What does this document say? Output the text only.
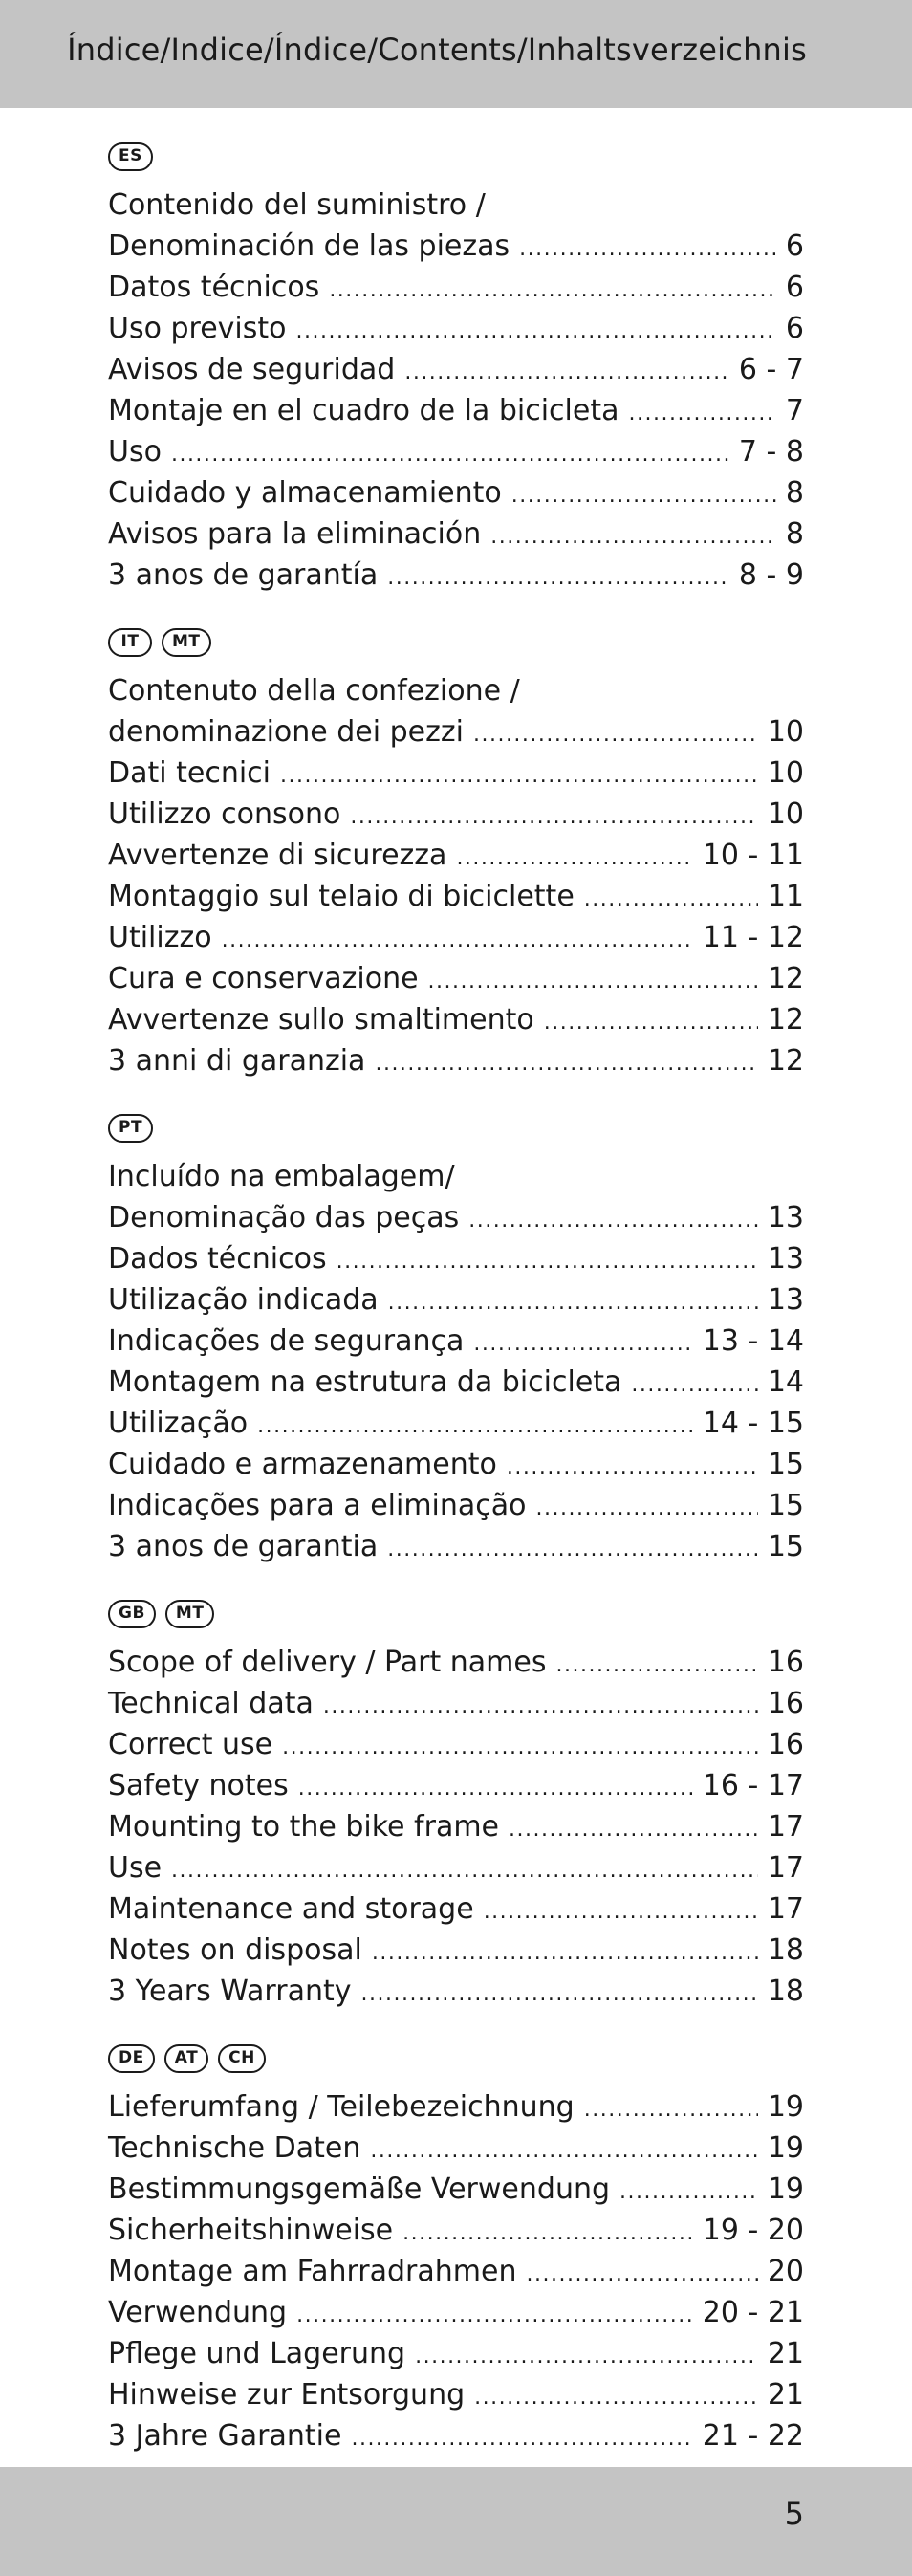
Índice/Indice/Índice/Contents/Inhaltsverzeichnis
ES
Contenido del suministro /
Denominación de las piezas .....	6
Datos técnicos .....	6
Uso previsto .....	6
Avisos de seguridad .....	6 - 7
Montaje en el cuadro de la bicicleta .....	7
Uso .....	7 - 8
Cuidado y almacenamiento .....	8
Avisos para la eliminación .....	8
3 anos de garantía .....	8 - 9
IT	MT
Contenuto della confezione /
denominazione dei pezzi .....	10
Dati tecnici .....	10
Utilizzo consono .....	10
Avvertenze di sicurezza .....	10 - 11
Montaggio sul telaio di biciclette .....	11
Utilizzo .....	11 - 12
Cura e conservazione .....	12
Avvertenze sullo smaltimento .....	12
3 anni di garanzia .....	12
PT
Incluído na embalagem/
Denominação das peças .....	13
Dados técnicos .....	13
Utilização indicada .....	13
Indicações de segurança .....	13 - 14
Montagem na estrutura da bicicleta .....	14
Utilização .....	14 - 15
Cuidado e armazenamento .....	15
Indicações para a eliminação .....	15
3 anos de garantia .....	15
GB	MT
Scope of delivery / Part names .....	16
Technical data .....	16
Correct use .....	16
Safety notes .....	16 - 17
Mounting to the bike frame .....	17
Use .....	17
Maintenance and storage .....	17
Notes on disposal .....	18
3 Years Warranty .....	18
DE	AT	CH
Lieferumfang / Teilebezeichnung .....	19
Technische Daten .....	19
Bestimmungsgemäße Verwendung .....	19
Sicherheitshinweise .....	19 - 20
Montage am Fahrradrahmen .....	20
Verwendung .....	20 - 21
Pflege und Lagerung .....	21
Hinweise zur Entsorgung .....	21
3 Jahre Garantie .....	21 - 22
5
